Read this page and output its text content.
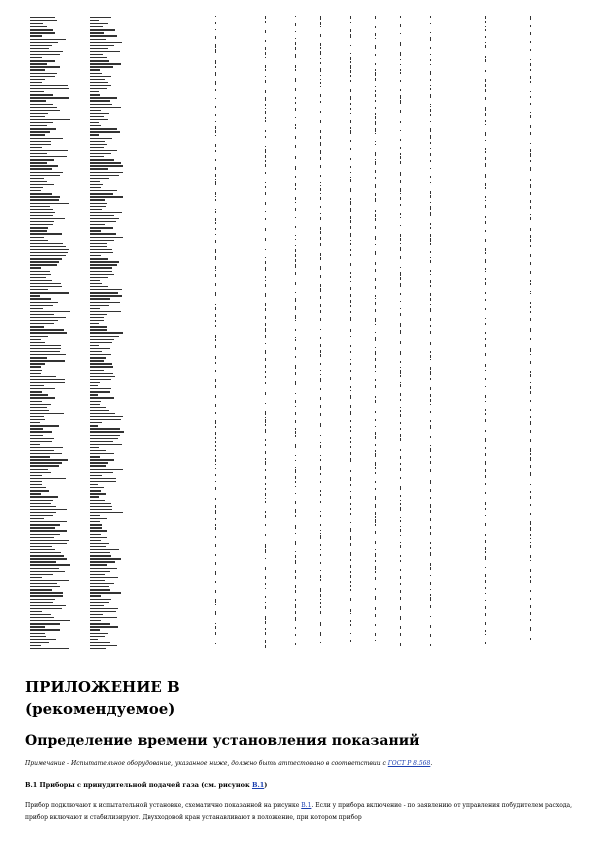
ПРИЛОЖЕНИЕ В
(рекомендуемое)
Определение времени установления показаний

Примечание - Испытательное оборудование, указанное ниже, должно быть аттестовано в соответствии с ГОСТ Р 8.568.

В.1 Приборы с принудительной подачей газа (см. рисунок В.1)

Прибор подключают к испытательной установке, схематично показанной на рисунке В.1. Если у прибора включение - по заявлению от управления побудителем расхода, прибор включают и стабилизируют. Двухходовой кран устанавливают в положение, при котором прибор
